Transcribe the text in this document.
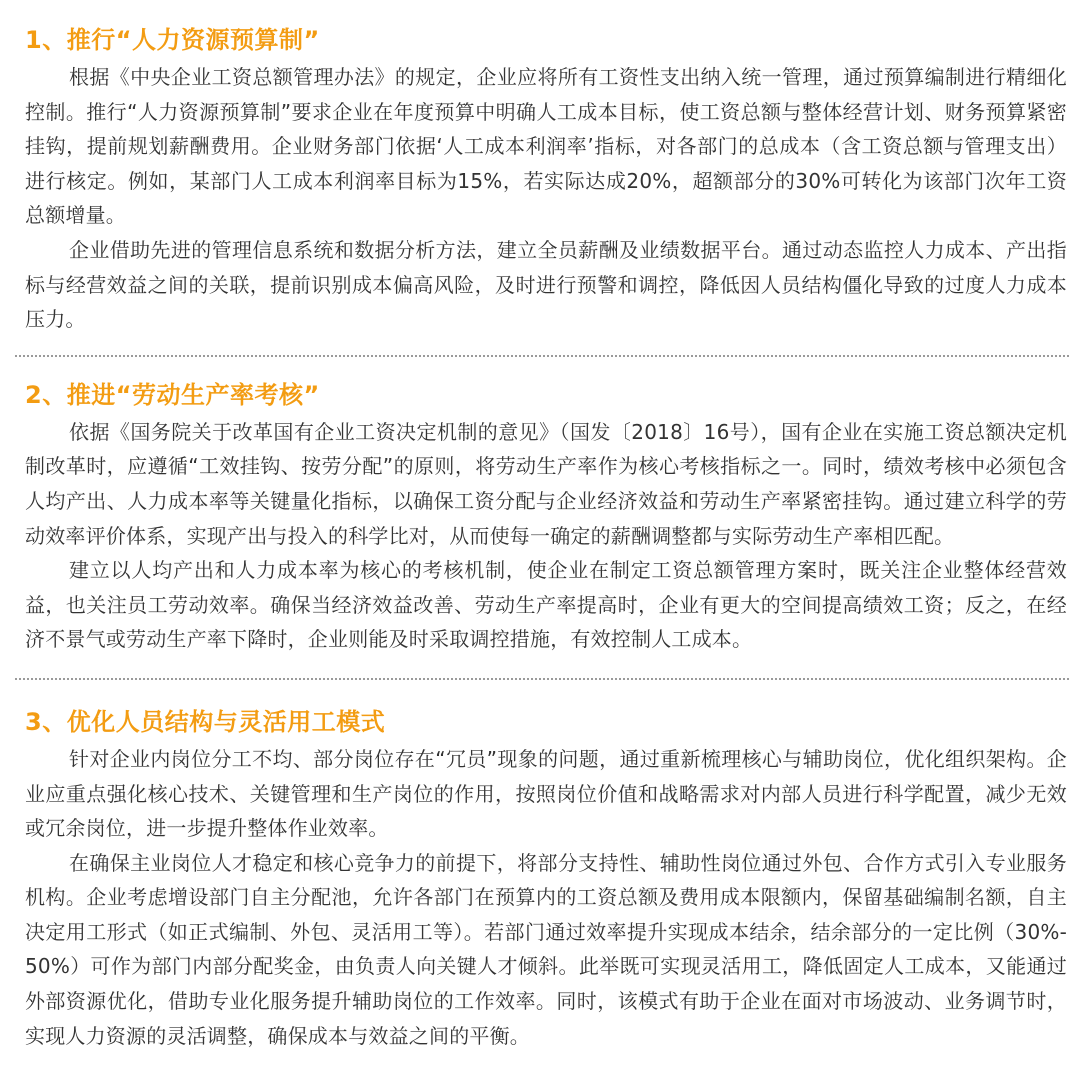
1、推行“人力资源预算制”

根据《中央企业工资总额管理办法》的规定，企业应将所有工资性支出纳入统一管理，通过预算编制进行精细化控制。推行“人力资源预算制”要求企业在年度预算中明确人工成本目标，使工资总额与整体经营计划、财务预算紧密挂钩，提前规划薪酬费用。企业财务部门依据‘人工成本利润率’指标，对各部门的总成本（含工资总额与管理支出）进行核定。例如，某部门人工成本利润率目标为15%，若实际达成20%，超额部分的30%可转化为该部门次年工资总额增量。

企业借助先进的管理信息系统和数据分析方法，建立全员薪酬及业绩数据平台。通过动态监控人力成本、产出指标与经营效益之间的关联，提前识别成本偏高风险，及时进行预警和调控，降低因人员结构僵化导致的过度人力成本压力。

2、推进“劳动生产率考核”

依据《国务院关于改革国有企业工资决定机制的意见》（国发〔2018〕16号），国有企业在实施工资总额决定机制改革时，应遵循“工效挂钩、按劳分配”的原则，将劳动生产率作为核心考核指标之一。同时，绩效考核中必须包含人均产出、人力成本率等关键量化指标，以确保工资分配与企业经济效益和劳动生产率紧密挂钩。通过建立科学的劳动效率评价体系，实现产出与投入的科学比对，从而使每一确定的薪酬调整都与实际劳动生产率相匹配。

建立以人均产出和人力成本率为核心的考核机制，使企业在制定工资总额管理方案时，既关注企业整体经营效益，也关注员工劳动效率。确保当经济效益改善、劳动生产率提高时，企业有更大的空间提高绩效工资；反之，在经济不景气或劳动生产率下降时，企业则能及时采取调控措施，有效控制人工成本。

3、优化人员结构与灵活用工模式

针对企业内岗位分工不均、部分岗位存在“冗员”现象的问题，通过重新梳理核心与辅助岗位，优化组织架构。企业应重点强化核心技术、关键管理和生产岗位的作用，按照岗位价值和战略需求对内部人员进行科学配置，减少无效或冗余岗位，进一步提升整体作业效率。

在确保主业岗位人才稳定和核心竞争力的前提下，将部分支持性、辅助性岗位通过外包、合作方式引入专业服务机构。企业考虑增设部门自主分配池，允许各部门在预算内的工资总额及费用成本限额内，保留基础编制名额，自主决定用工形式（如正式编制、外包、灵活用工等）。若部门通过效率提升实现成本结余，结余部分的一定比例（30%-50%）可作为部门内部分配奖金，由负责人向关键人才倾斜。此举既可实现灵活用工，降低固定人工成本，又能通过外部资源优化，借助专业化服务提升辅助岗位的工作效率。同时，该模式有助于企业在面对市场波动、业务调节时，实现人力资源的灵活调整，确保成本与效益之间的平衡。
